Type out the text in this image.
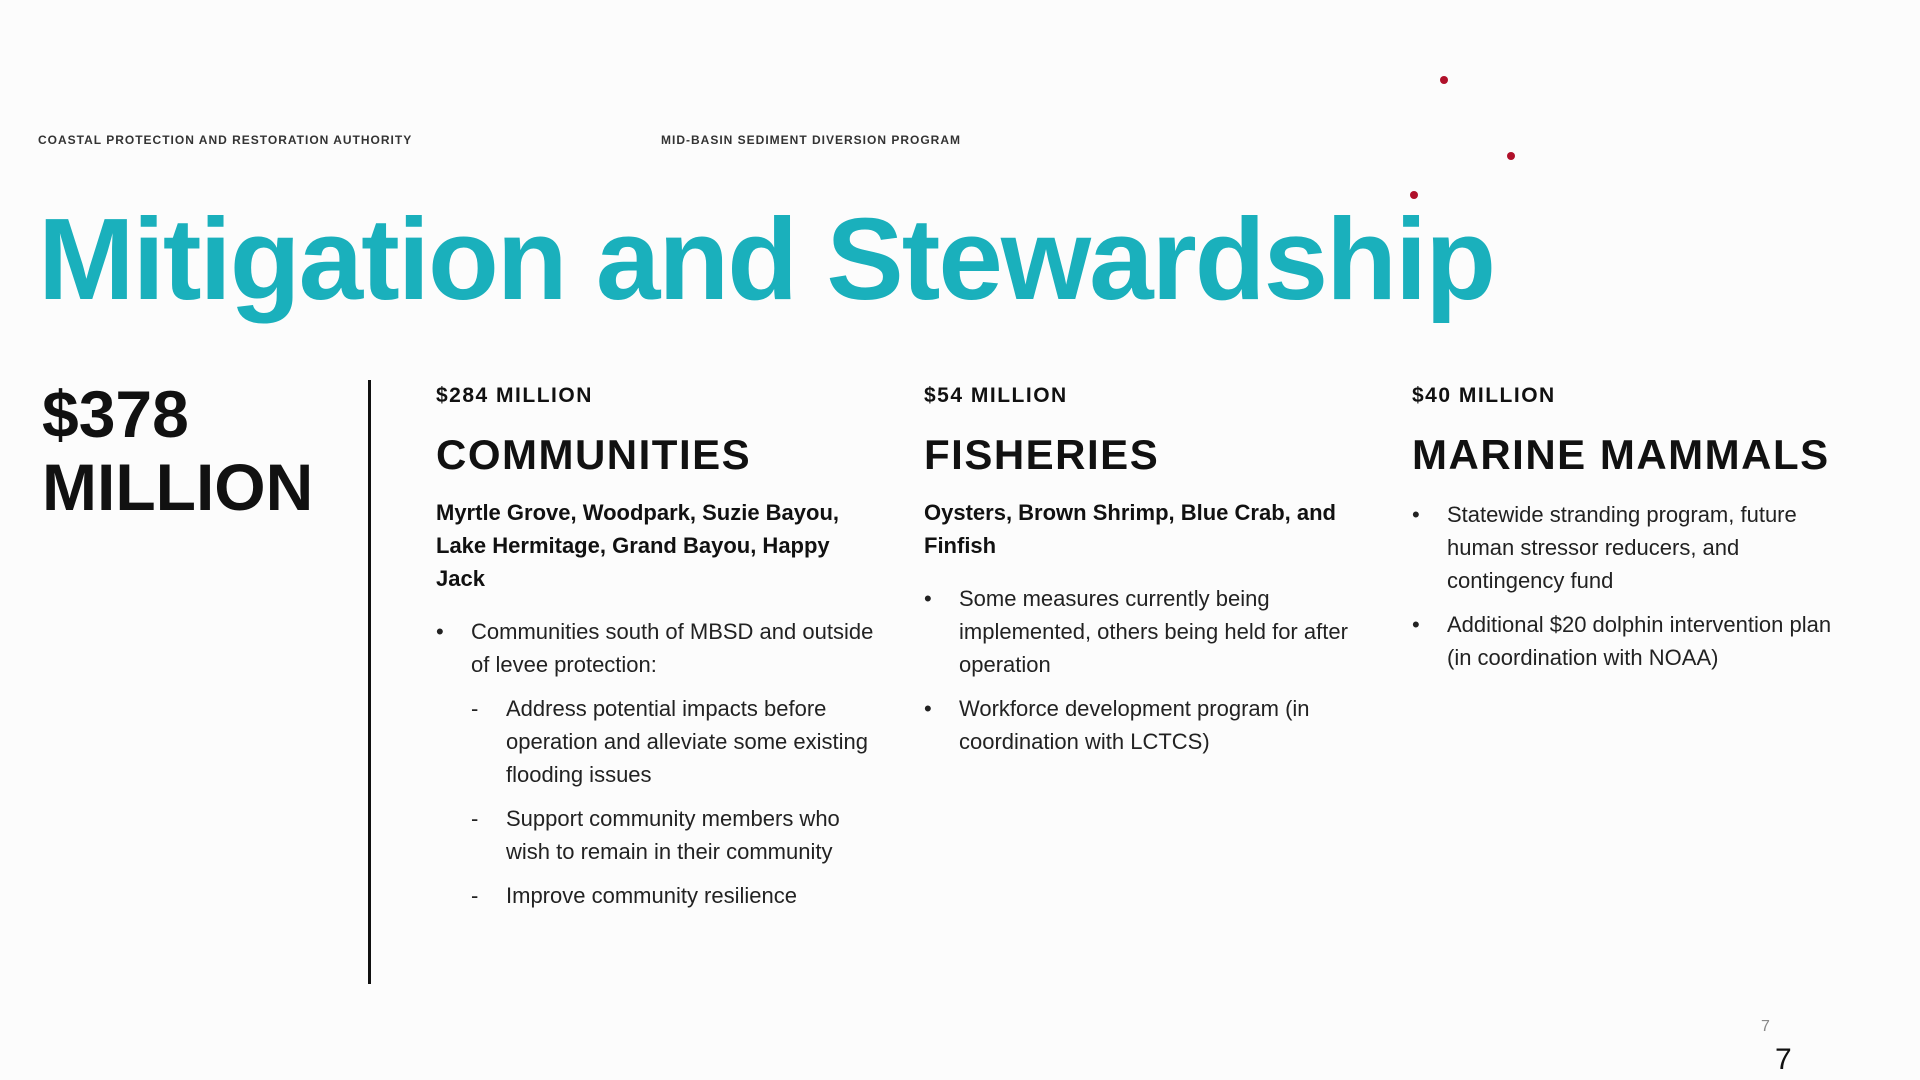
COASTAL PROTECTION AND RESTORATION AUTHORITY	MID-BASIN SEDIMENT DIVERSION PROGRAM
Mitigation and Stewardship
$378
MILLION
$284 MILLION
COMMUNITIES
Myrtle Grove, Woodpark, Suzie Bayou, Lake Hermitage, Grand Bayou, Happy Jack
• Communities south of MBSD and outside of levee protection:
- Address potential impacts before operation and alleviate some existing flooding issues
- Support community members who wish to remain in their community
- Improve community resilience
$54 MILLION
FISHERIES
Oysters, Brown Shrimp, Blue Crab, and Finfish
• Some measures currently being implemented, others being held for after operation
• Workforce development program (in coordination with LCTCS)
$40 MILLION
MARINE MAMMALS
• Statewide stranding program, future human stressor reducers, and contingency fund
• Additional $20 dolphin intervention plan (in coordination with NOAA)
7
7
